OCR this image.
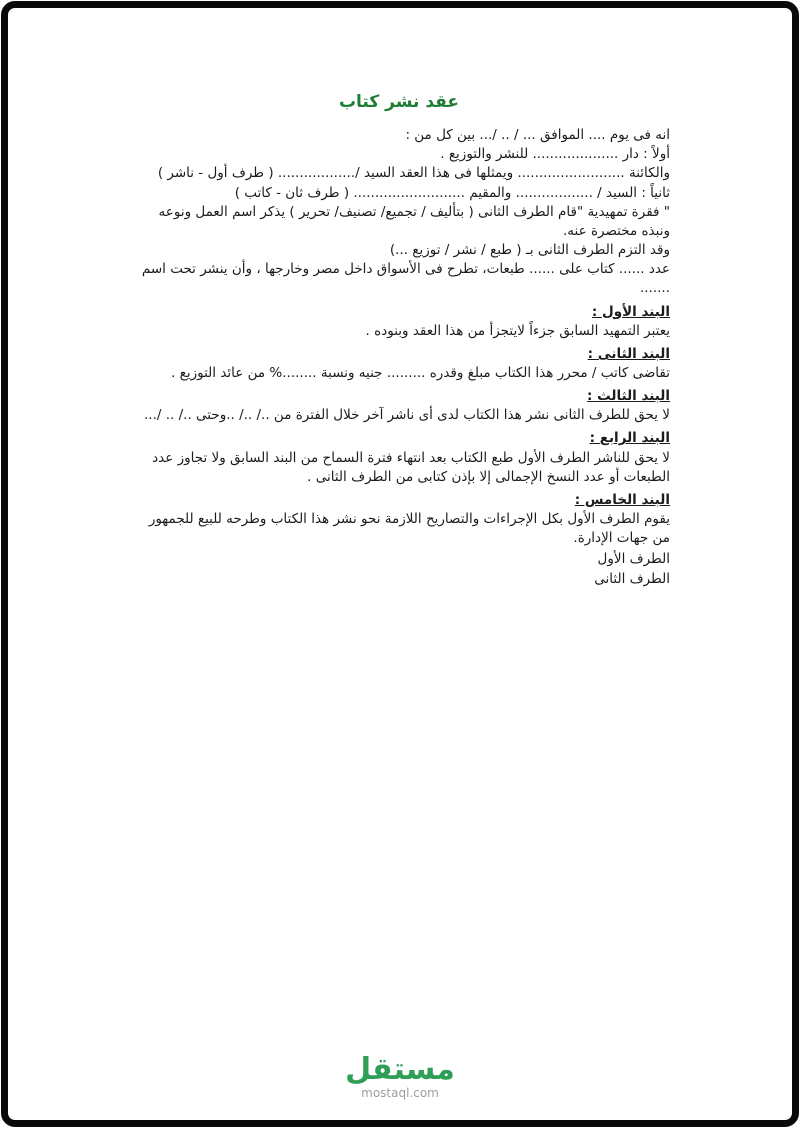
عقد نشر كتاب

انه فى يوم .... الموافق ... / .. /... بين كل من :

أولاً : دار .................... للنشر والتوزيع .

والكائنة ......................... ويمثلها فى هذا العقد السيد /.................. ( طرف أول - ناشر )

ثانياً : السيد / .................. والمقيم .......................... ( طرف ثان - كاتب )

" فقرة تمهيدية "قام الطرف الثانى ( بتأليف / تجميع/ تصنيف/ تحرير ) يذكر اسم العمل ونوعه ونبذه مختصرة عنه.

وقد التزم الطرف الثانى بـ ( طبع / نشر / توزيع ...)

عدد ...... كتاب على ...... طبعات، تطرح فى الأسواق داخل مصر وخارجها ، وأن ينشر تحت اسم .......

البند الأول :

يعتبر التمهيد السابق جزءاً لايتجزأ من هذا العقد وبنوده .

البند الثانى :

تقاضى كاتب / محرر هذا الكتاب مبلغ وقدره ......... جنيه ونسبة ........% من عائد التوزيع .

البند الثالث :

لا يحق للطرف الثانى نشر هذا الكتاب لدى أى ناشر آخر خلال الفترة من ../ ../ ..وحتى ../ .. /...

البند الرابع :

لا يحق للناشر الطرف الأول طبع الكتاب بعد انتهاء فترة السماح من البند السابق ولا تجاوز عدد الطبعات أو عدد النسخ الإجمالى إلا بإذن كتابى من الطرف الثانى .

البند الخامس :

يقوم الطرف الأول بكل الإجراءات والتصاريح اللازمة نحو نشر هذا الكتاب وطرحه للبيع للجمهور من جهات الإدارة.

الطرف الأول

الطرف الثانى

مستقل
mostaql.com
